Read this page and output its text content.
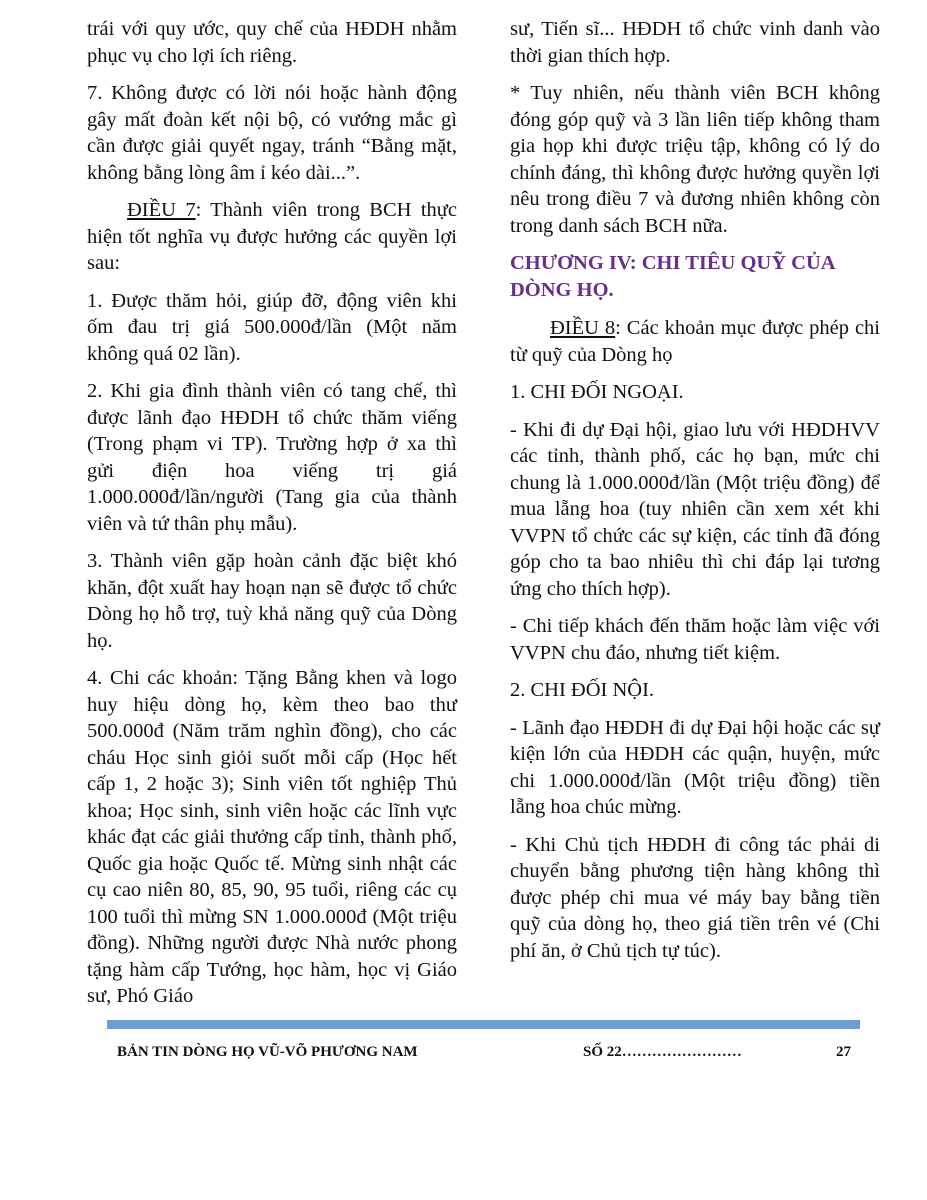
trái với quy ước, quy chế của HĐDH nhằm phục vụ cho lợi ích riêng.

7. Không được có lời nói hoặc hành động gây mất đoàn kết nội bộ, có vướng mắc gì cần được giải quyết ngay, tránh “Bằng mặt, không bằng lòng âm ỉ kéo dài...”.

ĐIỀU 7: Thành viên trong BCH thực hiện tốt nghĩa vụ được hưởng các quyền lợi sau:

1. Được thăm hỏi, giúp đỡ, động viên khi ốm đau trị giá 500.000đ/lần (Một năm không quá 02 lần).

2. Khi gia đình thành viên có tang chế, thì được lãnh đạo HĐDH tổ chức thăm viếng (Trong phạm vi TP). Trường hợp ở xa thì gửi điện hoa viếng trị giá 1.000.000đ/lần/người (Tang gia của thành viên và tứ thân phụ mẫu).

3. Thành viên gặp hoàn cảnh đặc biệt khó khăn, đột xuất hay hoạn nạn sẽ được tổ chức Dòng họ hỗ trợ, tuỳ khả năng quỹ của Dòng họ.

4. Chi các khoản: Tặng Bằng khen và logo huy hiệu dòng họ, kèm theo bao thư 500.000đ (Năm trăm nghìn đồng), cho các cháu Học sinh giỏi suốt mỗi cấp (Học hết cấp 1, 2 hoặc 3); Sinh viên tốt nghiệp Thủ khoa; Học sinh, sinh viên hoặc các lĩnh vực khác đạt các giải thưởng cấp tỉnh, thành phố, Quốc gia hoặc Quốc tế. Mừng sinh nhật các cụ cao niên 80, 85, 90, 95 tuổi, riêng các cụ 100 tuổi thì mừng SN 1.000.000đ (Một triệu đồng). Những người được Nhà nước phong tặng hàm cấp Tướng, học hàm, học vị Giáo sư, Phó Giáo

sư, Tiến sĩ... HĐDH tổ chức vinh danh vào thời gian thích hợp.

* Tuy nhiên, nếu thành viên BCH không đóng góp quỹ và 3 lần liên tiếp không tham gia họp khi được triệu tập, không có lý do chính đáng, thì không được hưởng quyền lợi nêu trong điều 7 và đương nhiên không còn trong danh sách BCH nữa.

CHƯƠNG IV: CHI TIÊU QUỸ CỦA DÒNG HỌ.

ĐIỀU 8: Các khoản mục được phép chi từ quỹ của Dòng họ

1. CHI ĐỐI NGOẠI.

- Khi đi dự Đại hội, giao lưu với HĐDHVV các tỉnh, thành phố, các họ bạn, mức chi chung là 1.000.000đ/lần (Một triệu đồng) để mua lẵng hoa (tuy nhiên cần xem xét khi VVPN tổ chức các sự kiện, các tỉnh đã đóng góp cho ta bao nhiêu thì chi đáp lại tương ứng cho thích hợp).

- Chi tiếp khách đến thăm hoặc làm việc với VVPN chu đáo, nhưng tiết kiệm.

2. CHI ĐỐI NỘI.

- Lãnh đạo HĐDH đi dự Đại hội hoặc các sự kiện lớn của HĐDH các quận, huyện, mức chi 1.000.000đ/lần (Một triệu đồng) tiền lẵng hoa chúc mừng.

- Khi Chủ tịch HĐDH đi công tác phải di chuyển bằng phương tiện hàng không thì được phép chi mua vé máy bay bằng tiền quỹ của dòng họ, theo giá tiền trên vé (Chi phí ăn, ở Chủ tịch tự túc).

BẢN TIN DÒNG HỌ VŨ-VÕ PHƯƠNG NAM	SỐ 22……………………	27
